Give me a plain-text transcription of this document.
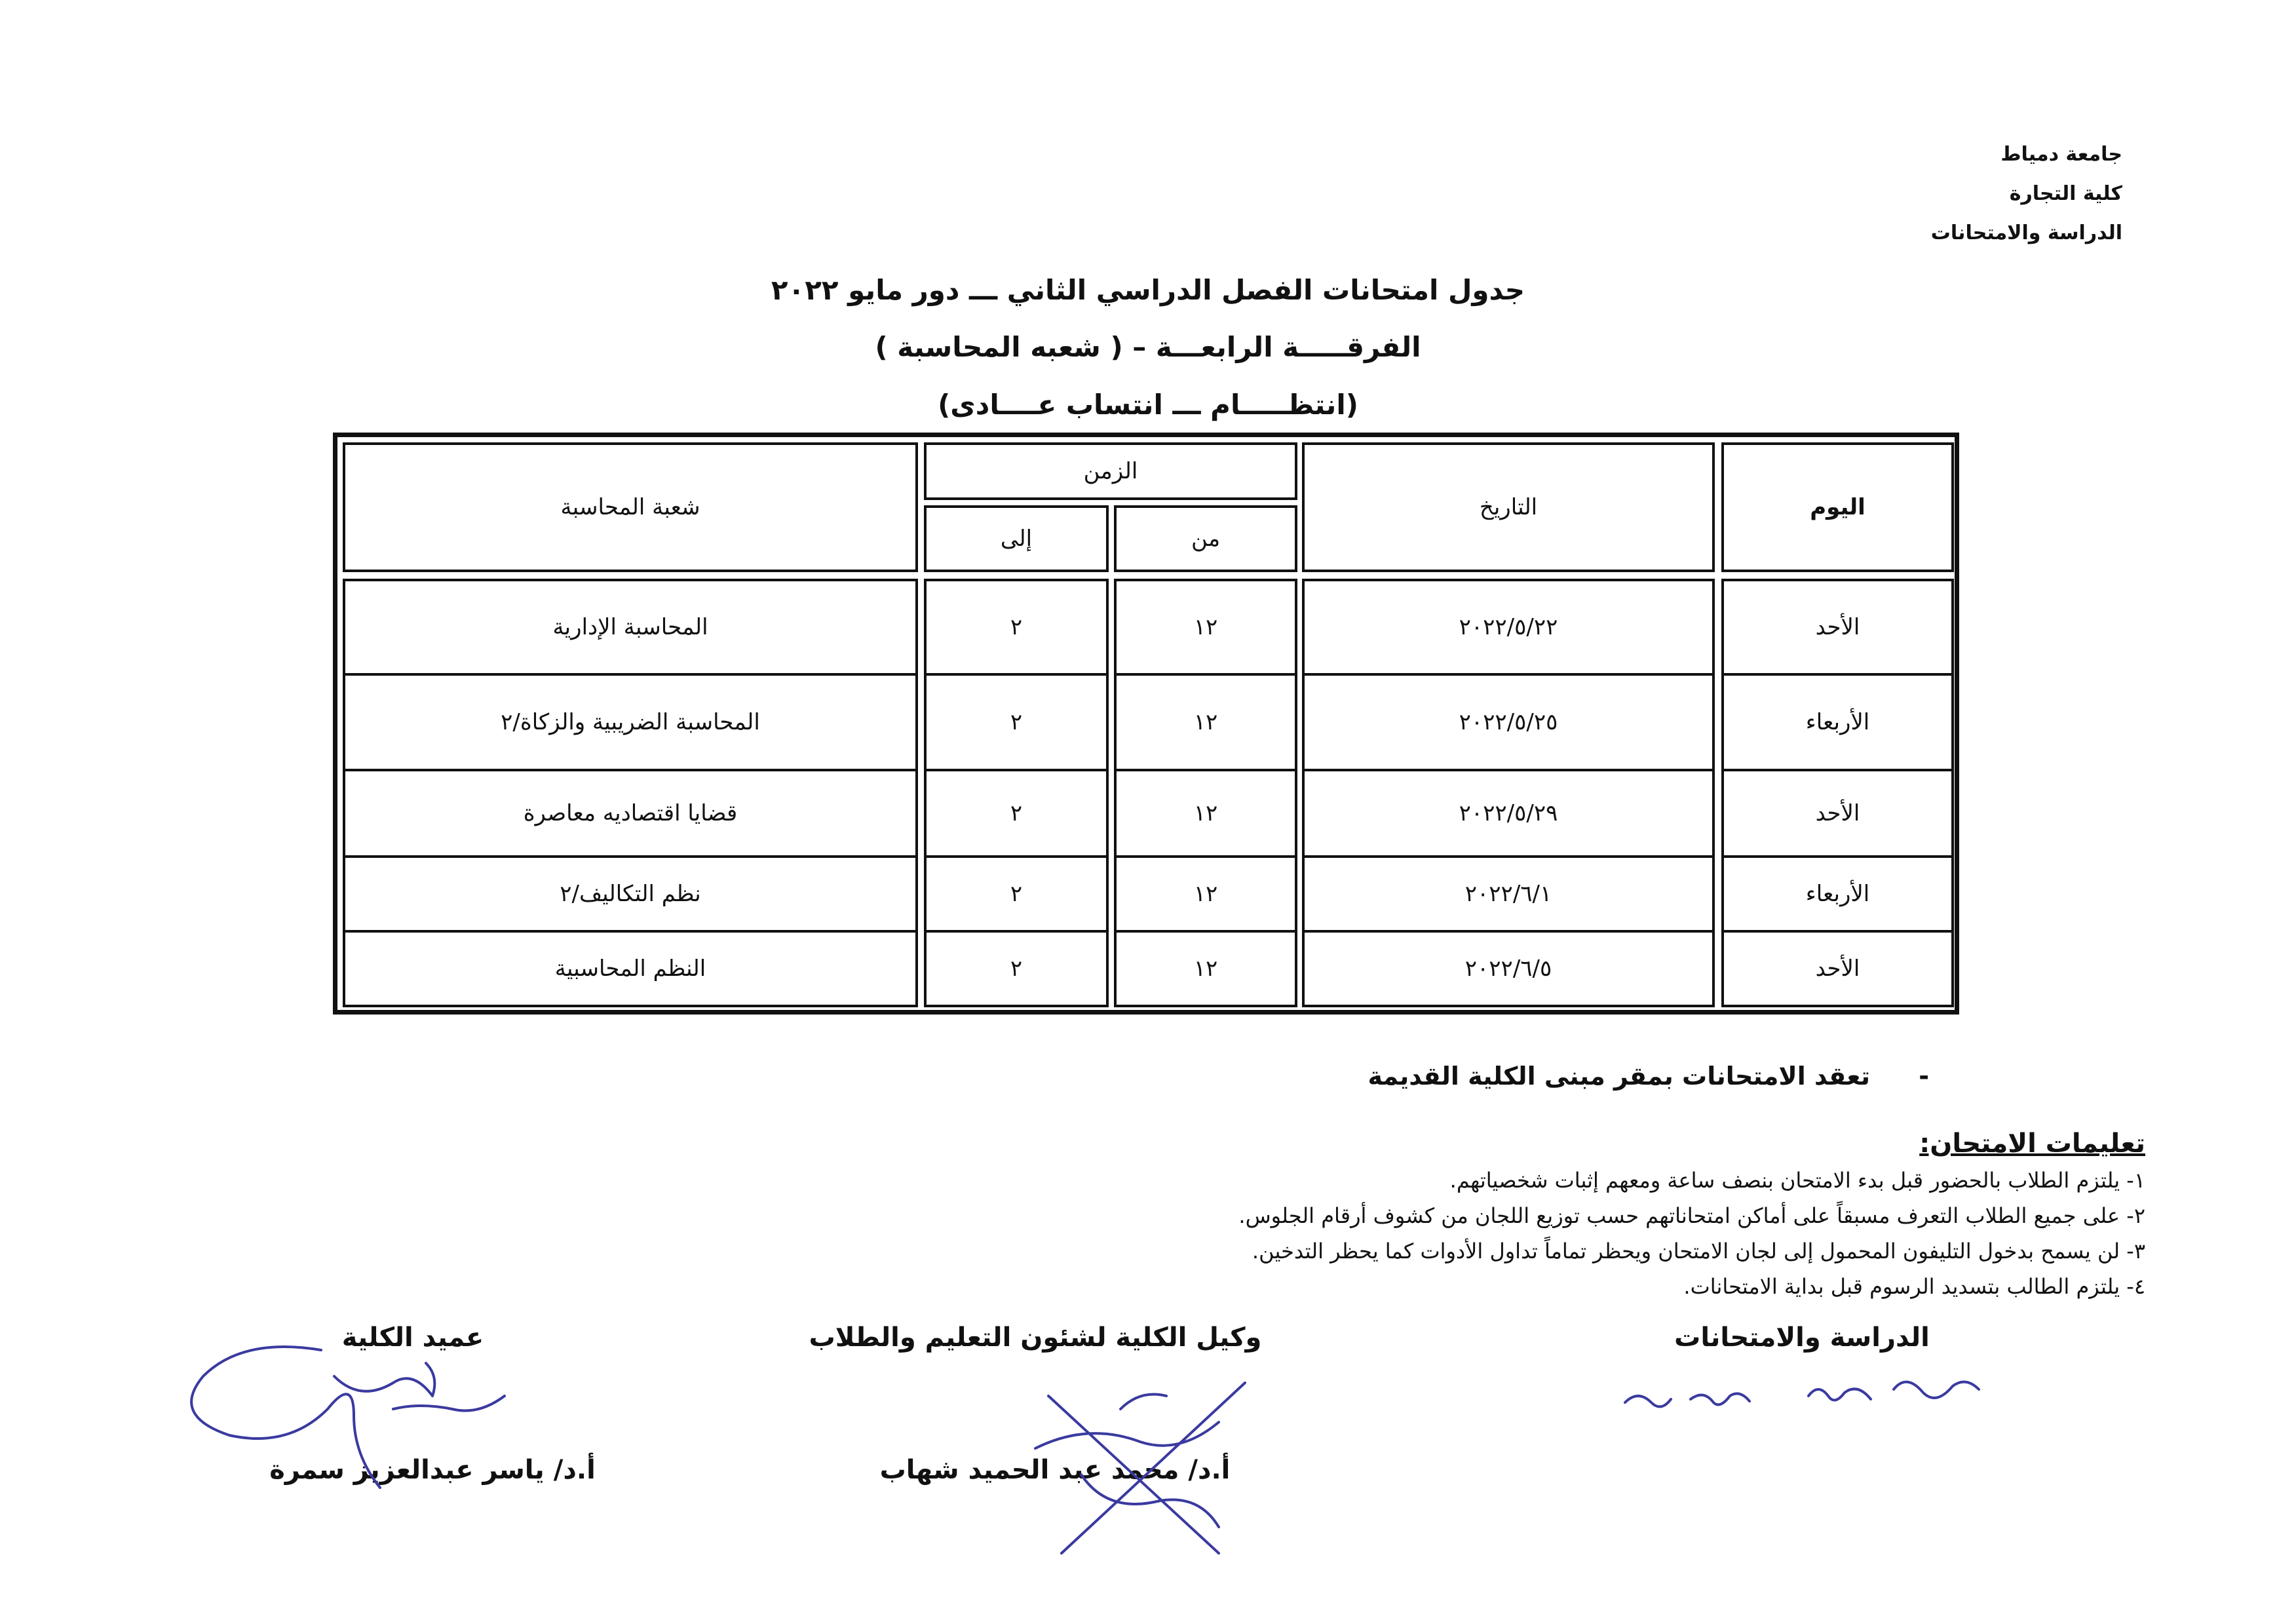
جامعة دمياط
كلية التجارة
الدراسة والامتحانات
جدول امتحانات الفصل الدراسي الثاني ـــ دور مايو ٢٠٢٢
الفرقـــــة الرابعـــة – ( شعبه المحاسبة )
(انتظـــــام ـــ انتساب عــــادى)
اليوم
التاريخ
الزمن
من
إلى
شعبة المحاسبة
الأحد
٢٠٢٢/٥/٢٢
١٢
٢
المحاسبة الإدارية
الأربعاء
٢٠٢٢/٥/٢٥
١٢
٢
المحاسبة الضريبية والزكاة/٢
الأحد
٢٠٢٢/٥/٢٩
١٢
٢
قضايا اقتصاديه معاصرة
الأربعاء
٢٠٢٢/٦/١
١٢
٢
نظم التكاليف/٢
الأحد
٢٠٢٢/٦/٥
١٢
٢
النظم المحاسبية
-
تعقد الامتحانات بمقر مبنى الكلية القديمة
تعليمات الامتحان:
١- يلتزم الطلاب بالحضور قبل بدء الامتحان بنصف ساعة ومعهم إثبات شخصياتهم.
٢- على جميع الطلاب التعرف مسبقاً على أماكن امتحاناتهم حسب توزيع اللجان من كشوف أرقام الجلوس.
٣- لن يسمح بدخول التليفون المحمول إلى لجان الامتحان ويحظر تماماً تداول الأدوات كما يحظر التدخين.
٤- يلتزم الطالب بتسديد الرسوم قبل بداية الامتحانات.
الدراسة والامتحانات
وكيل الكلية لشئون التعليم والطلاب
أ.د/ محمد عبد الحميد شهاب
عميد الكلية
أ.د/ ياسر عبدالعزيز سمرة
